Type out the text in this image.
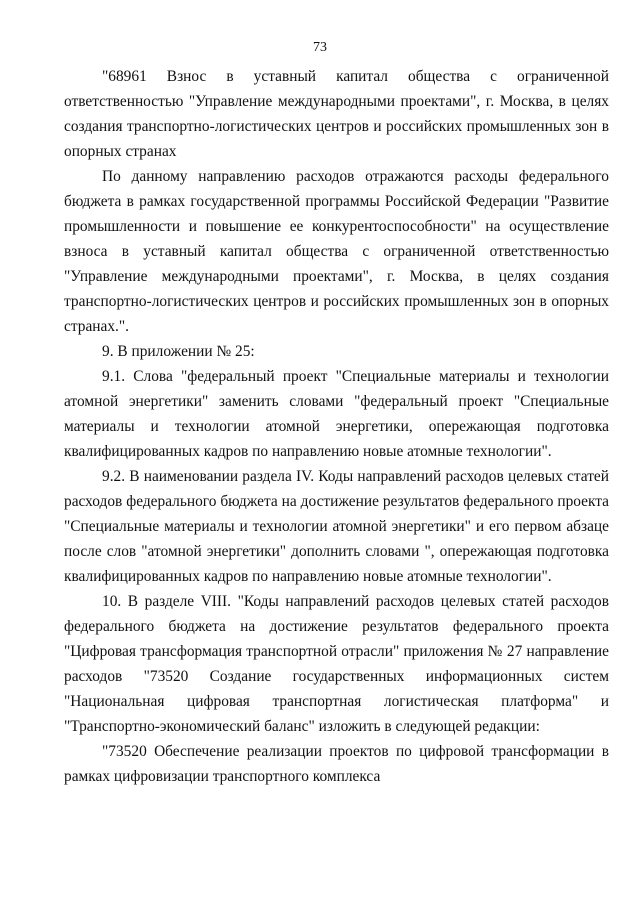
73

"68961 Взнос в уставный капитал общества с ограниченной ответственностью "Управление международными проектами", г. Москва, в целях создания транспортно-логистических центров и российских промышленных зон в опорных странах

По данному направлению расходов отражаются расходы федерального бюджета в рамках государственной программы Российской Федерации "Развитие промышленности и повышение ее конкурентоспособности" на осуществление взноса в уставный капитал общества с ограниченной ответственностью "Управление международными проектами", г. Москва, в целях создания транспортно-логистических центров и российских промышленных зон в опорных странах.".

9. В приложении № 25:

9.1. Слова "федеральный проект "Специальные материалы и технологии атомной энергетики" заменить словами "федеральный проект "Специальные материалы и технологии атомной энергетики, опережающая подготовка квалифицированных кадров по направлению новые атомные технологии".

9.2. В наименовании раздела IV. Коды направлений расходов целевых статей расходов федерального бюджета на достижение результатов федерального проекта "Специальные материалы и технологии атомной энергетики" и его первом абзаце после слов "атомной энергетики" дополнить словами ", опережающая подготовка квалифицированных кадров по направлению новые атомные технологии".

10. В разделе VIII. "Коды направлений расходов целевых статей расходов федерального бюджета на достижение результатов федерального проекта "Цифровая трансформация транспортной отрасли" приложения № 27 направление расходов "73520 Создание государственных информационных систем "Национальная цифровая транспортная логистическая платформа" и "Транспортно-экономический баланс" изложить в следующей редакции:

"73520 Обеспечение реализации проектов по цифровой трансформации в рамках цифровизации транспортного комплекса
